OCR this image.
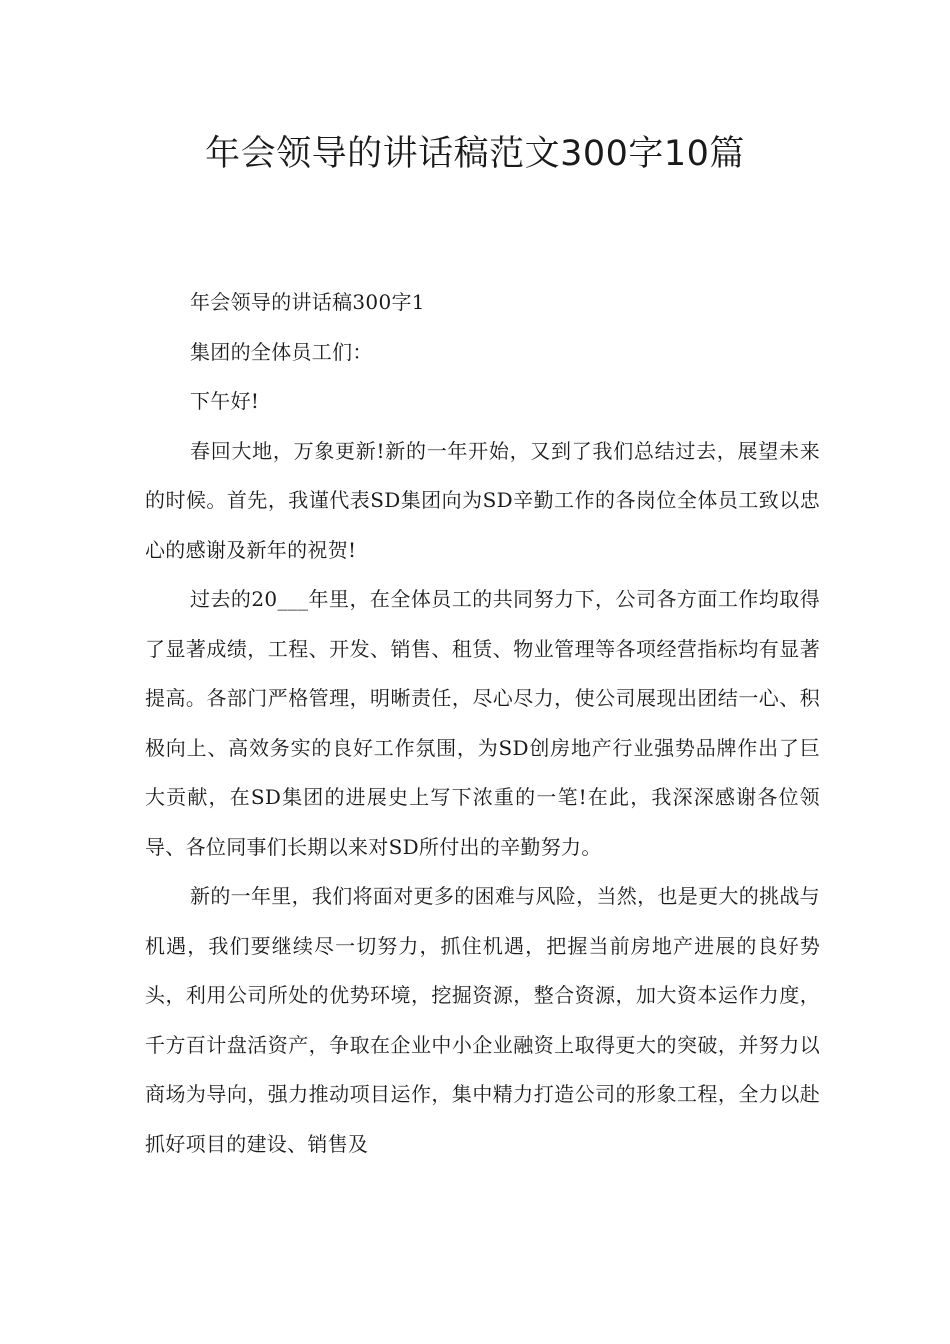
年会领导的讲话稿范文300字10篇

年会领导的讲话稿300字1

集团的全体员工们：

下午好!

春回大地，万象更新!新的一年开始，又到了我们总结过去，展望未来的时候。首先，我谨代表SD集团向为SD辛勤工作的各岗位全体员工致以忠心的感谢及新年的祝贺!

过去的20___年里，在全体员工的共同努力下，公司各方面工作均取得了显著成绩，工程、开发、销售、租赁、物业管理等各项经营指标均有显著提高。各部门严格管理，明晰责任，尽心尽力，使公司展现出团结一心、积极向上、高效务实的良好工作氛围，为SD创房地产行业强势品牌作出了巨大贡献，在SD集团的进展史上写下浓重的一笔!在此，我深深感谢各位领导、各位同事们长期以来对SD所付出的辛勤努力。

新的一年里，我们将面对更多的困难与风险，当然，也是更大的挑战与机遇，我们要继续尽一切努力，抓住机遇，把握当前房地产进展的良好势头，利用公司所处的优势环境，挖掘资源，整合资源，加大资本运作力度，千方百计盘活资产，争取在企业中小企业融资上取得更大的突破，并努力以商场为导向，强力推动项目运作，集中精力打造公司的形象工程，全力以赴抓好项目的建设、销售及
